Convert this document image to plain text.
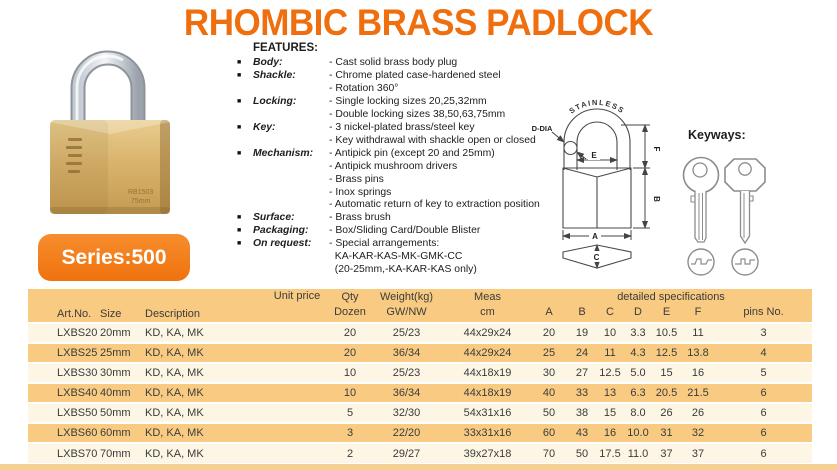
RHOMBIC BRASS PADLOCK
RB1503
75mm
Series:500
FEATURES:
■	Body:	- Cast solid brass body plug
■	Shackle:	- Chrome plated case-hardened steel
- Rotation 360°
■	Locking:	- Single locking sizes 20,25,32mm
- Double locking sizes 38,50,63,75mm
■	Key:	- 3 nickel-plated brass/steel key
- Key withdrawal with shackle open or closed
■	Mechanism:	- Antipick pin (except 20 and 25mm)
- Antipick mushroom drivers
- Brass pins
- Inox springs
- Automatic return of key to extraction position
■	Surface:	- Brass brush
■	Packaging:	- Box/Sliding Card/Double Blister
■	On request:	- Special arrangements:
KA-KAR-KAS-MK-GMK-CC
(20-25mm,-KA-KAR-KAS only)
STAINLESS
D-DIA
E
A
C
F
B
Keyways:
Art.No.	Size	Description	Unit price	Qty	Weight(kg)	Meas	detailed specifications						
				Dozen	GW/NW	cm	A	B	C	D	E	F	pins No.
LXBS20	20mm	KD, KA, MK		20	25/23	44x29x24	20	19	10	3.3	10.5	11	3
LXBS25	25mm	KD, KA, MK		20	36/34	44x29x24	25	24	11	4.3	12.5	13.8	4
LXBS30	30mm	KD, KA, MK		10	25/23	44x18x19	30	27	12.5	5.0	15	16	5
LXBS40	40mm	KD, KA, MK		10	36/34	44x18x19	40	33	13	6.3	20.5	21.5	6
LXBS50	50mm	KD, KA, MK		5	32/30	54x31x16	50	38	15	8.0	26	26	6
LXBS60	60mm	KD, KA, MK		3	22/20	33x31x16	60	43	16	10.0	31	32	6
LXBS70	70mm	KD, KA, MK		2	29/27	39x27x18	70	50	17.5	11.0	37	37	6
